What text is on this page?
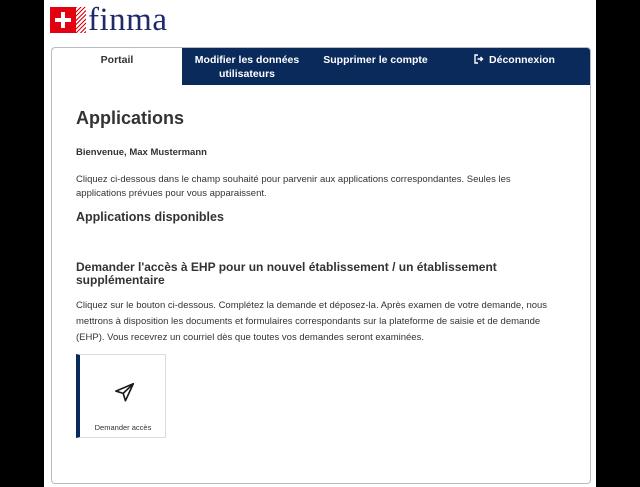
finma
Portail	Modifier les données utilisateurs
Supprimer le compte	Déconnexion
Applications
Bienvenue, Max Mustermann
Cliquez ci-dessous dans le champ souhaité pour parvenir aux applications correspondantes. Seules les applications prévues pour vous apparaissent.
Applications disponibles
Demander l'accès à EHP pour un nouvel établissement / un établissement supplémentaire
Cliquez sur le bouton ci-dessous. Complétez la demande et déposez-la. Après examen de votre demande, nous mettrons à disposition les documents et formulaires correspondants sur la plateforme de saisie et de demande (EHP). Vous recevrez un courriel dès que toutes vos demandes seront examinées.
Demander accès
